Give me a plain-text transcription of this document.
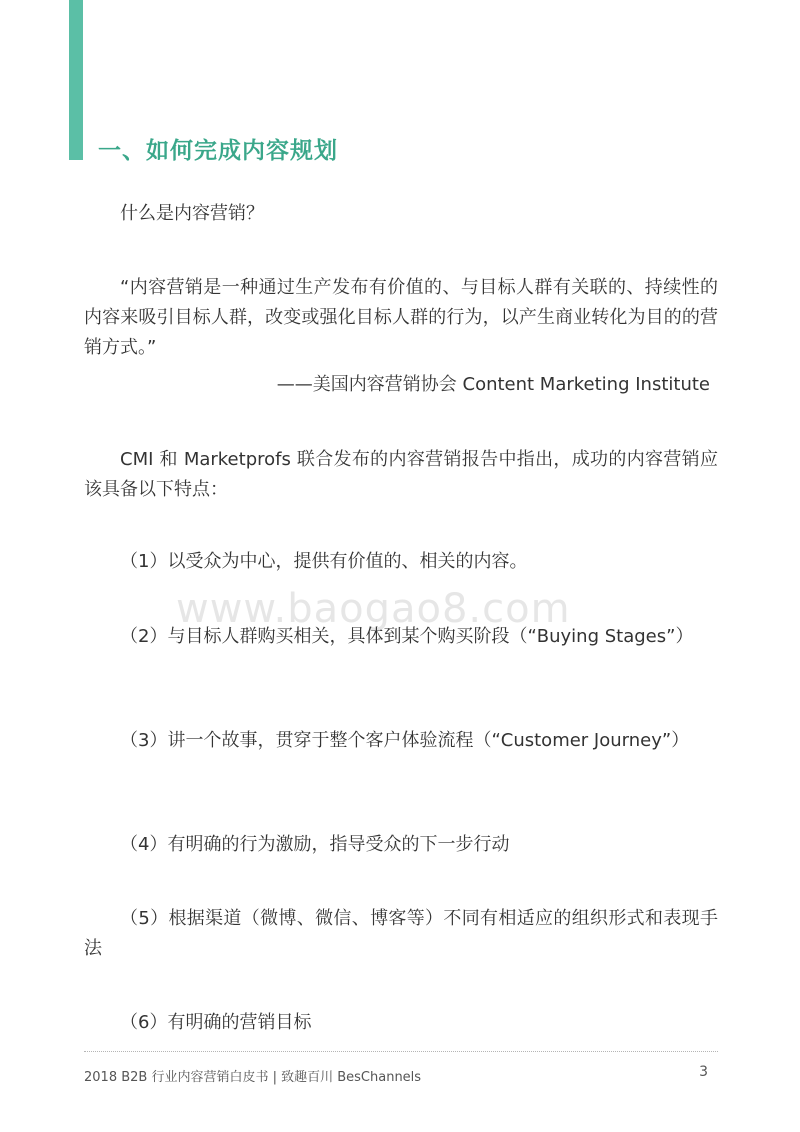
一、如何完成内容规划

什么是内容营销？

“内容营销是一种通过生产发布有价值的、与目标人群有关联的、持续性的内容来吸引目标人群，改变或强化目标人群的行为，以产生商业转化为目的的营销方式。”

——美国内容营销协会 Content Marketing Institute

CMI 和 Marketprofs 联合发布的内容营销报告中指出，成功的内容营销应该具备以下特点：

www.baogao8.com

（1）以受众为中心，提供有价值的、相关的内容。

（2）与目标人群购买相关，具体到某个购买阶段（“Buying Stages”）

（3）讲一个故事，贯穿于整个客户体验流程（“Customer Journey”）

（4）有明确的行为激励，指导受众的下一步行动

（5）根据渠道（微博、微信、博客等）不同有相适应的组织形式和表现手法

（6）有明确的营销目标

2018 B2B 行业内容营销白皮书 | 致趣百川 BesChannels	3
